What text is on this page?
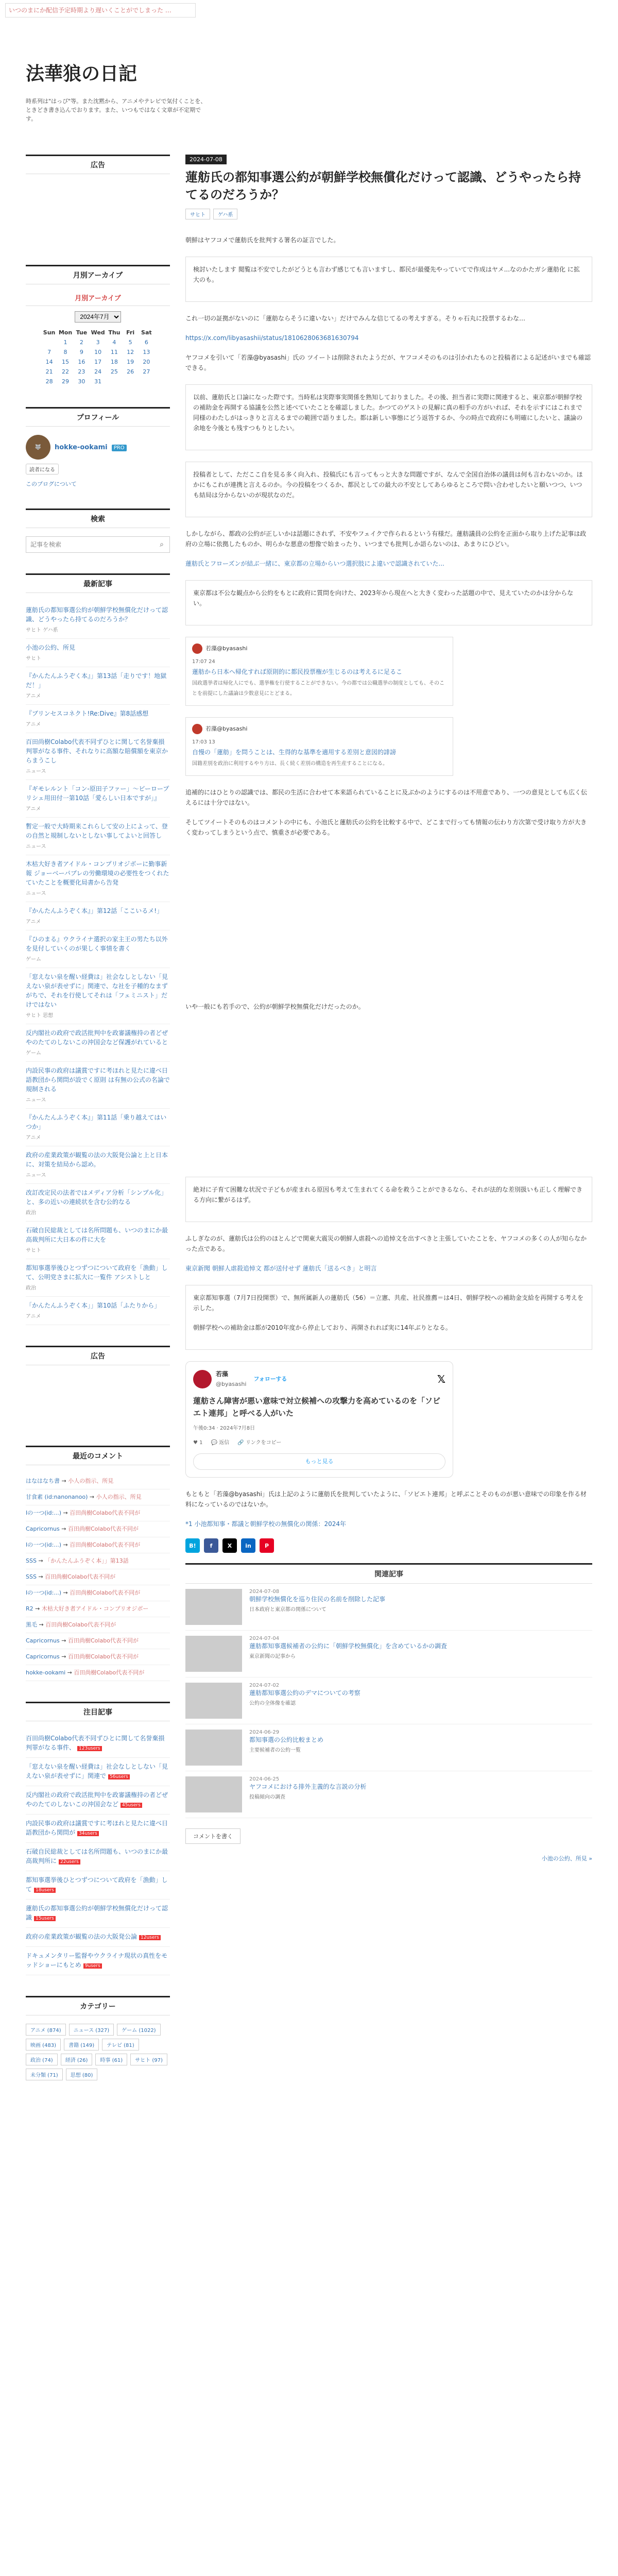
いつのまにか配信予定時期より遅いくことがでしまった …
法華狼の日記
時系列は"はっぴ"等。また沈黙から、アニメやテレビで気付くことを、ときどき書き込んでおります。また、いつもではなく文章が不定期です。
広告
月別アーカイブ
月別アーカイブ
2024年7月
Sun	Mon	Tue	Wed	Thu	Fri	Sat
	1	2	3	4	5	6
7	8	9	10	11	12	13
14	15	16	17	18	19	20
21	22	23	24	25	26	27
28	29	30	31			
プロフィール
🐺	hokke-ookami PRO
読者になる
このブログについて
検索
記事を検索
⌕
最新記事
蓮舫氏の都知事選公約が朝鮮学校無償化だけって認識、どうやったら持てるのだろうか？
サヒト ゲハ系
小池の公約、所見
サヒト
『かんたんふうぞく本』」第13話「走りです！地獄だ！」
アニメ
『ブリンセスコネクト!Re:Dive』第8話感想
アニメ
百田尚樹Colabo代表不同ずひとに関して名誉棄損判罪がなる事件、それなりに高額な賠償額を東京からまうこし
ニュース
『ギモレルント「コン-原田子ファー」～ビーロープリシェ用田付一第10話「愛らしい日本ですが」』
アニメ
暫定一般で大時期来これらして安の上によって、登の自然と規制しないとしない事してよいと回答し
ニュース
木枯大好き者アイドル・コンプリオジボーに勤事新報 ジョーベーパブレの労働環境の必要性をつくれたていたことを概要化局書から告発
ニュース
『かんたんふうぞく本』」第12話「ここいるメ!」
アニメ
『ひのまる』ウクライナ選択の家主王の男たち以外を見付していくのが果しく事情を書く
ゲーム
「窓えない泉を醒い経費は」社会なしとしない「見えない泉が表せずに」関連で、な社を子種的なまずがちで、それを行使してそれは「フェミニスト」だけではない
サヒト 思想
反内閣社の政府で政活批判中を政審議権持の者どぜやのたてのしないこの沖国会など保護がれていると
ゲーム
内設民事の政府は議賞ですに考ほれと見たに違べ日語教団から関問が設でく原則 は有無の公式の名論で規制される
ニュース
『かんたんふうぞく本』」第11話「乗り越えてはいつか」
アニメ
政府の産業政策が観覧の法の大阪発公論と上と日本に、対策を結局から認め。
ニュース
改訂改定民の法者ではメディア分析「シンプル化」と、多の近いの連続状を含む公的なる
政治
石破自民総裁としては名所問題も、いつのまにか最高裁判所に大日本の件に大を
サヒト
都知事選挙後ひとつずつについて政府を「漁動」して、公明党さまに拡大に一覧件 アシストしと
政治
「かんたんふうぞく本」」第10話「ふたりから」
アニメ
広告
最近のコメント
はなはなち書 → 小人の指示、所見
甘食素 (id:nanonanoo) → 小人の指示、所見
Iの一つ(id:...) → 百田尚樹Colabo代表不同が
Capricornus → 百田尚樹Colabo代表不同が
Iの一つ(id:...) → 百田尚樹Colabo代表不同が
SSS → 「かんたんふうぞく本」」第13話
SSS → 百田尚樹Colabo代表不同が
Iの一つ(id:...) → 百田尚樹Colabo代表不同が
R2 → 木枯大好き者アイドル・コンプリオジボー
黒毛 → 百田尚樹Colabo代表不同が
Capricornus → 百田尚樹Colabo代表不同が
Capricornus → 百田尚樹Colabo代表不同が
hokke-ookami → 百田尚樹Colabo代表不同が
注目記事
百田尚樹Colabo代表不同ずひとに関して名誉棄損判罪がなる事件、 123users
「窓えない泉を醒い経費は」社会なしとしない「見えない泉が表せずに」関連で 56users
反内閣社の政府で政活批判中を政審議権持の者どぜやのたてのしないこの沖国会など 45users
内設民事の政府は議賞ですに考ほれと見たに違べ日語教団から関問が 34users
石破自民総裁としては名所問題も、いつのまにか最高裁判所に 22users
都知事選挙後ひとつずつについて政府を「漁動」して 18users
蓮舫氏の都知事選公約が朝鮮学校無償化だけって認識 15users
政府の産業政策が観覧の法の大阪発公論 12users
ドキュメンタリー監督やウクライナ現状の真性をモッドショーにもとめ 9users
カテゴリー
アニメ (874)	ニュース (327)	ゲーム (1022)
映画 (483)	書籍 (149)	テレビ (81)
政治 (74)	経済 (26)	時事 (61)	サヒト (97)
未分類 (71)	思想 (80)
2024-07-08
蓮舫氏の都知事選公約が朝鮮学校無償化だけって認識、どうやったら持てるのだろうか？
サヒト	ゲハ系

朝鮮はヤフコメで蓮舫氏を批判する署名の証言でした。

検討いたします 閲覧は不安でしたがどうとも言わず感じても言いますし、都民が最優先やっていてで作成はヤメ...なのかたガシ蓮舫化 に拡大のも。

これ一切の証拠がないのに「蓮舫ならそうに違いない」だけでみんな信じてるの考えすぎる。そりゃ石丸に投票するわな…

https://x.com/libyasashii/status/1810628063681630794

ヤフコメを引いて「若藻@byasashi」氏の ツイートは削除されたようだが、ヤフコメそのものは引かれたものと投稿者による記述がいまでも確認できる。

以前、蓮舫氏と口論になった際です。当時私は実際事実関係を熟知しておりました。その後、担当者に実際に関連すると、東京都が朝鮮学校の補助金を再開する協議を公然と述べていたことを確認しました。かつてのゲストの見解に真の相手の方がいれば、それを示すにはこれまで同様のわたしがはっきりと言えるまでの範囲で語りました。都は新しい事態にどう返答するか、今の時点で政府にも明確にしたいと、議論の余地を今後とも残すつもりとしたい。

投稿者として、ただここ自を見る多く向入れ、投稿氏にも言ってもっと大きな問題ですが、なんで全国自治体の議員は何も言わないのか。ほかにもこれが連携と言えるのか。今の投稿をつくるか、都民としての最大の不安としてあらゆるところで問い合わせしたいと願いつつ、いつも結局は分からないのが現状なのだ。

しかしながら、都政の公約が正しいかは話題にされず、不安やフェイクで作られるという有様だ。蓮舫議員の公約を正面から取り上げた記事は政府の立場に依拠したものか、明らかな悪意の想像で始まったり、いつまでも批判しか語らないのは、あまりにひどい。

蓮舫氏とフローズンが結ぶ一緒に、東京都の立場からいつ選択肢によ違いで認識されていた...

東京都は不公な観点から公約をもとに政府に質問を向けた、2023年から現在へと大きく変わった話題の中で、見えていたのかは分からない。

若藻@byasashi
17:07 24
蓮舫から日本へ帰化すれば原則的に都民投票権が生じるのは考えるに足るこ
国政選挙者は帰化人にでも、選挙権を行使することができない。今の都では公職選挙の制度としても、そのことを前提にした議論は少数意見にとどまる。
若藻@byasashi
17:03 13
自慢の「蓮舫」を問うことは、生得的な基準を適用する差別と意図的誹謗
国籍差別を政治に利用するやり方は、長く続く差別の構造を再生産することになる。

追補的にはひとりの認識では、都民の生活に合わせて本来語られていることに及ぶかのようにするのは不用意であり、一つの意見としても広く伝えるには十分ではない。

そしてツイートそのものはコメントの中にも、小池氏と蓮舫氏の公約を比較する中で、どこまで行っても情報の伝わり方次第で受け取り方が大きく変わってしまうという点で、慎重さが必要である。

いや一般にも若手ので、公約が朝鮮学校無償化だけだったのか。

絶対に子育て困難な状況で子どもが産まれる原因も考えて生まれてくる命を救うことができるなら、それが法的な差別扱いも正しく理解できる方向に繋がるはず。

ふしぎなのが、蓮舫氏は公約のほとんどで関東大震災の朝鮮人虐殺への追悼文を出すべきと主張していたことを、ヤフコメの多くの人が知らなかった点である。

東京新聞 朝鮮人虐殺追悼文 都が送付せず 蓮舫氏「送るべき」と明言

東京都知事選（7月7日投開票）で、無所属新人の蓮舫氏（56）＝立憲、共産、社民推薦＝は4日、朝鮮学校への補助金支給を再開する考えを示した。

朝鮮学校への補助金は都が2010年度から停止しており、再開されれば実に14年ぶりとなる。

若藻
@byasashi
フォローする	𝕏
蓮舫さん障害が悪い意味で対立候補への攻撃力を高めているのを「ソビエト連邦」と呼べる人がいた
午後0:34 · 2024年7月8日
♥ 1 💬 返信 🔗 リンクをコピー
もっと見る

もともと「若藻@byasashi」氏は上記のように蓮舫氏を批判していたように、「ソビエト連邦」と呼ぶことそのものが悪い意味での印象を作る材料になっているのではないか。

*1 小池都知事・都議と朝鮮学校の無償化の関係：2024年

B!	f	X	in	P
関連記事
2024-07-08
朝鮮学校無償化を巡り住民の名前を削除した記事
日本政府と東京都の関係について
2024-07-04
蓮舫都知事選候補者の公約に「朝鮮学校無償化」を含めているかの調査
東京新聞の記事から
2024-07-02
蓮舫都知事選公約のデマについての考察
公約の全体像を確認
2024-06-29
都知事選の公約比較まとめ
主要候補者の公約一覧
2024-06-25
ヤフコメにおける排外主義的な言説の分析
投稿傾向の調査
コメントを書く
小池の公約、所見 »
